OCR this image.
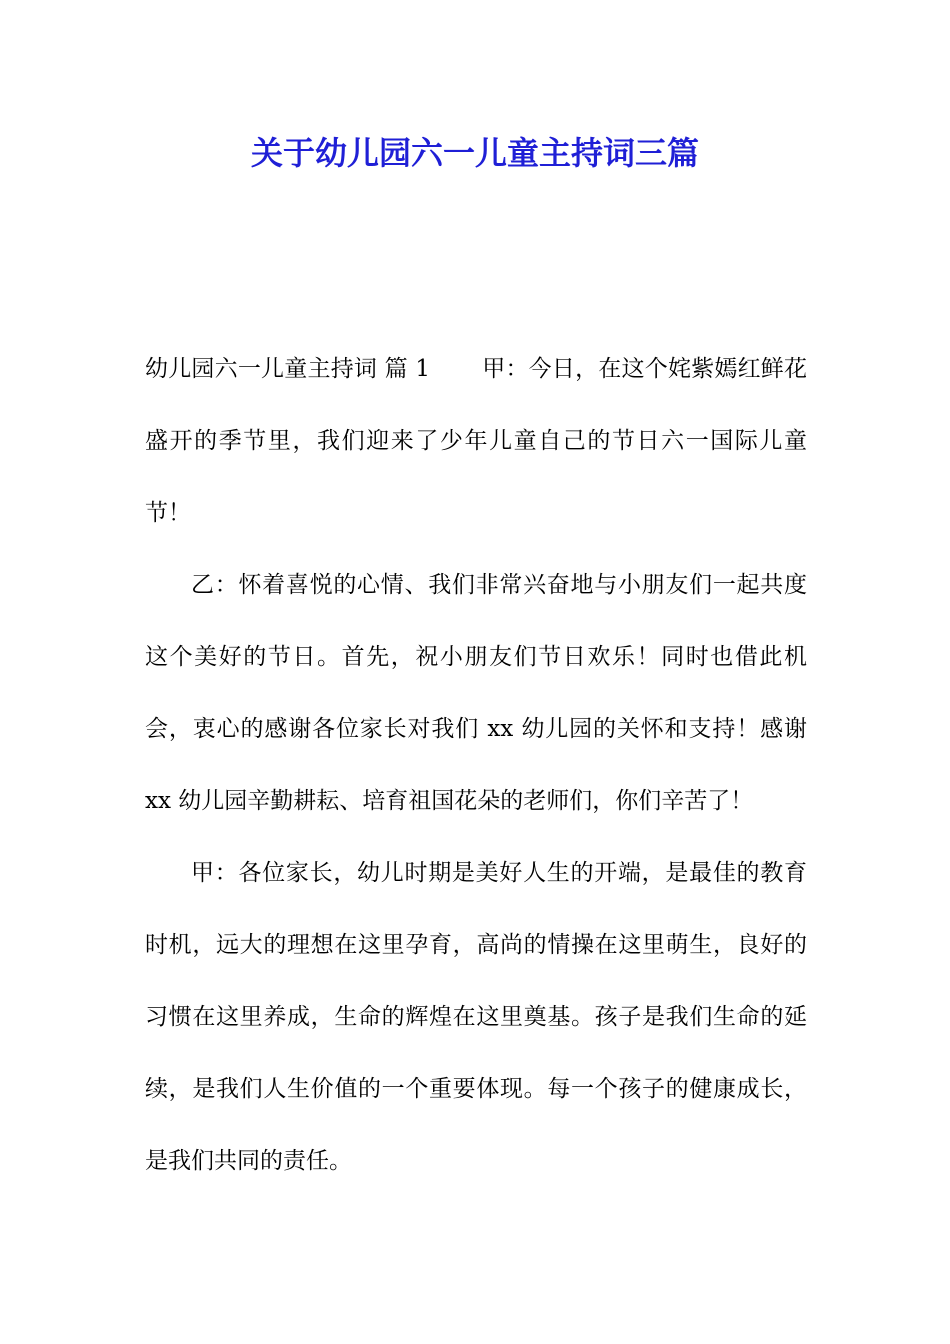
关于幼儿园六一儿童主持词三篇

幼儿园六一儿童主持词 篇 1 甲：今日，在这个姹紫嫣红鲜花盛开的季节里，我们迎来了少年儿童自己的节日六一国际儿童节！

乙：怀着喜悦的心情、我们非常兴奋地与小朋友们一起共度这个美好的节日。首先，祝小朋友们节日欢乐！同时也借此机会，衷心的感谢各位家长对我们 xx 幼儿园的关怀和支持！感谢 xx 幼儿园辛勤耕耘、培育祖国花朵的老师们，你们辛苦了！

甲：各位家长，幼儿时期是美好人生的开端，是最佳的教育时机，远大的理想在这里孕育，高尚的情操在这里萌生，良好的习惯在这里养成，生命的辉煌在这里奠基。孩子是我们生命的延续，是我们人生价值的一个重要体现。每一个孩子的健康成长，是我们共同的责任。
